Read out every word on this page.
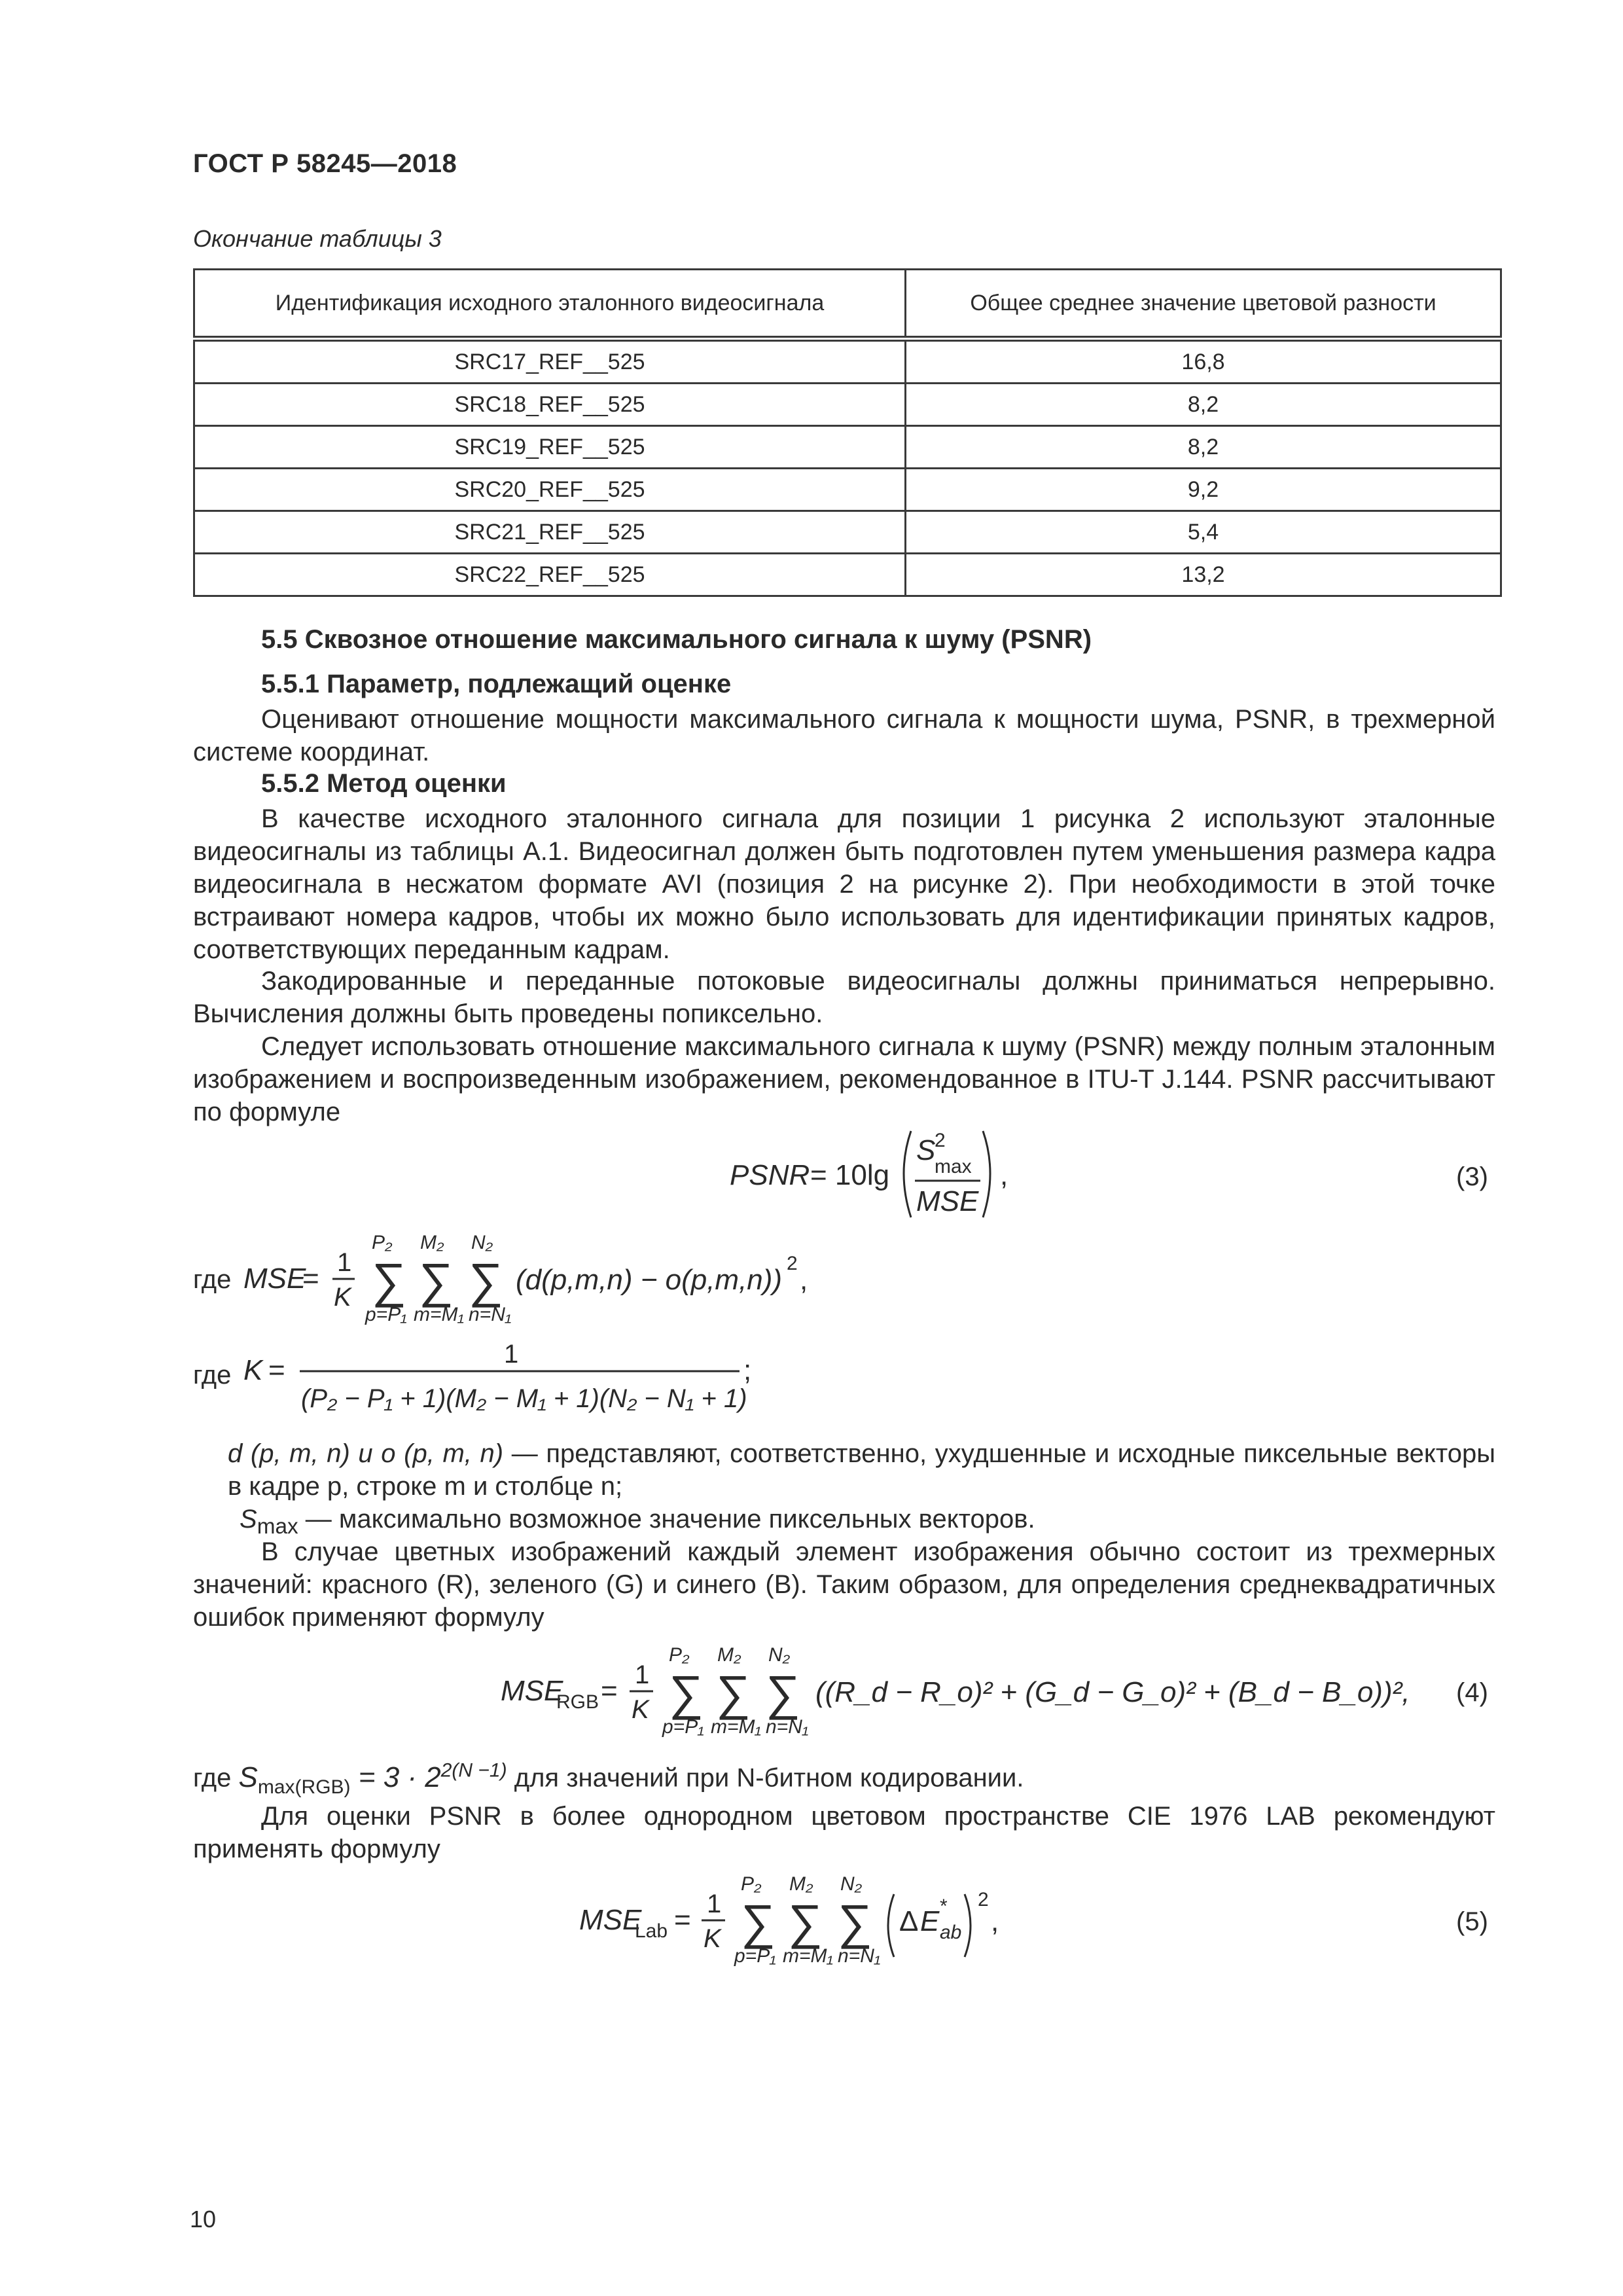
ГОСТ Р 58245—2018
Окончание таблицы 3
Идентификация исходного эталонного видеосигнала	Общее среднее значение цветовой разности
SRC17_REF__525	16,8
SRC18_REF__525	8,2
SRC19_REF__525	8,2
SRC20_REF__525	9,2
SRC21_REF__525	5,4
SRC22_REF__525	13,2
5.5 Сквозное отношение максимального сигнала к шуму (PSNR)
5.5.1 Параметр, подлежащий оценке
Оценивают отношение мощности максимального сигнала к мощности шума, PSNR, в трехмерной системе координат.
5.5.2 Метод оценки
В качестве исходного эталонного сигнала для позиции 1 рисунка 2 используют эталонные видеосигналы из таблицы А.1. Видеосигнал должен быть подготовлен путем уменьшения размера кадра видеосигнала в несжатом формате AVI (позиция 2 на рисунке 2). При необходимости в этой точке встраивают номера кадров, чтобы их можно было использовать для идентификации принятых кадров, соответствующих переданным кадрам.
Закодированные и переданные потоковые видеосигналы должны приниматься непрерывно. Вычисления должны быть проведены попиксельно.
Следует использовать отношение максимального сигнала к шуму (PSNR) между полным эталонным изображением и воспроизведенным изображением, рекомендованное в ITU-T J.144. PSNR рассчитывают по формуле
PSNR = 10lg
S
2
max
MSE
,	(3)
где MSE
= 1
K
P₂
∑
p=P₁
M₂
∑
m=M₁
N₂
∑
n=N₁
(d(p,m,n) − o(p,m,n))
2
,
где K =	1
(P₂ − P₁ + 1)(M₂ − M₁ + 1)(N₂ − N₁ + 1)
;
d (p, m, n) и o (p, m, n) — представляют, соответственно, ухудшенные и исходные пиксельные векторы в кадре p, строке m и столбце n;
$S_{max}$ — максимально возможное значение пиксельных векторов.
В случае цветных изображений каждый элемент изображения обычно состоит из трехмерных значений: красного (R), зеленого (G) и синего (B). Таким образом, для определения среднеквадратичных ошибок применяют формулу
MSE
RGB = 1
K
P₂
∑
p=P₁
M₂
∑
m=M₁
N₂
∑
n=N₁
((R_d − R_o)² + (G_d − G_o)² + (B_d − B_o))², (4)
где $S_{max(RGB)} = 3 \cdot 2^{2(N -1)}$ для значений при N-битном кодировании.
Для оценки PSNR в более однородном цветовом пространстве CIE 1976 LAB рекомендуют применять формулу
MSE
Lab = 1
K
P₂
∑
p=P₁
M₂
∑
m=M₁
N₂
∑
n=N₁
Δ E *
ab
2
,	(5)
10
